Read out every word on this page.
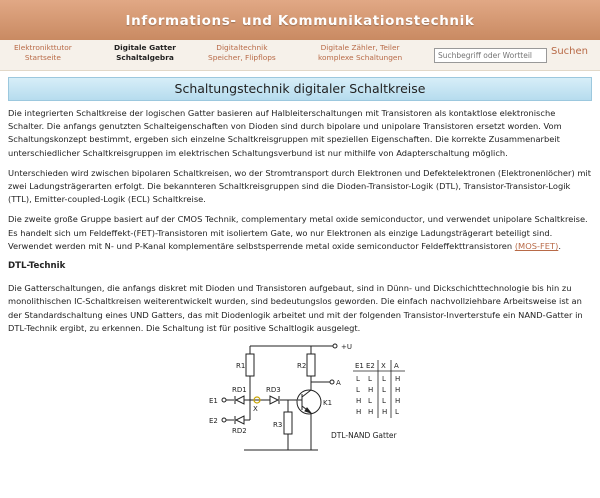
Informations- und Kommunikationstechnik
Elektronikttutor
Startseite
Digitale Gatter
Schaltalgebra
Digitaltechnik
Speicher, Flipflops
Digitale Zähler, Teiler
komplexe Schaltungen
Suchbegriff oder Wortteil	Suchen
Schaltungstechnik digitaler Schaltkreise

Die integrierten Schaltkreise der logischen Gatter basieren auf Halbleiterschaltungen mit Transistoren als kontaktlose elektronische Schalter. Die anfangs genutzten Schalteigenschaften von Dioden sind durch bipolare und unipolare Transistoren ersetzt worden. Vom Schaltungskonzept bestimmt, ergeben sich einzelne Schaltkreisgruppen mit speziellen Eigenschaften. Die korrekte Zusammenarbeit unterschiedlicher Schaltkreisgruppen im elektrischen Schaltungsverbund ist nur mithilfe von Adapterschaltung möglich.

Unterschieden wird zwischen bipolaren Schaltkreisen, wo der Stromtransport durch Elektronen und Defektelektronen (Elektronenlöcher) mit zwei Ladungsträgerarten erfolgt. Die bekannteren Schaltkreisgruppen sind die Dioden-Transistor-Logik (DTL), Transistor-Transistor-Logik (TTL), Emitter-coupled-Logik (ECL) Schaltkreise.

Die zweite große Gruppe basiert auf der CMOS Technik, complementary metal oxide semiconductor, und verwendet unipolare Schaltkreise. Es handelt sich um Feldeffekt-(FET)-Transistoren mit isoliertem Gate, wo nur Elektronen als einzige Ladungsträgerart beteiligt sind. Verwendet werden mit N- und P-Kanal komplementäre selbstsperrende metal oxide semiconductor Feldeffekttransistoren (MOS-FET).

DTL-Technik

Die Gatterschaltungen, die anfangs diskret mit Dioden und Transistoren aufgebaut, sind in Dünn- und Dickschichttechnologie bis hin zu monolithischen IC-Schaltkreisen weiterentwickelt wurden, sind bedeutungslos geworden. Die einfach nachvollziehbare Arbeitsweise ist an der Standardschaltung eines UND Gatters, das mit Diodenlogik arbeitet und mit der folgenden Transistor-Inverterstufe ein NAND-Gatter in DTL-Technik ergibt, zu erkennen. Die Schaltung ist für positive Schaltlogik ausgelegt.

+U
R1	R2
R3
RD1
RD2
RD3
K1
E1
E2
A
X
E1 E2 X A
L L L H
L H L H
H L L H
H H H L
DTL-NAND Gatter
